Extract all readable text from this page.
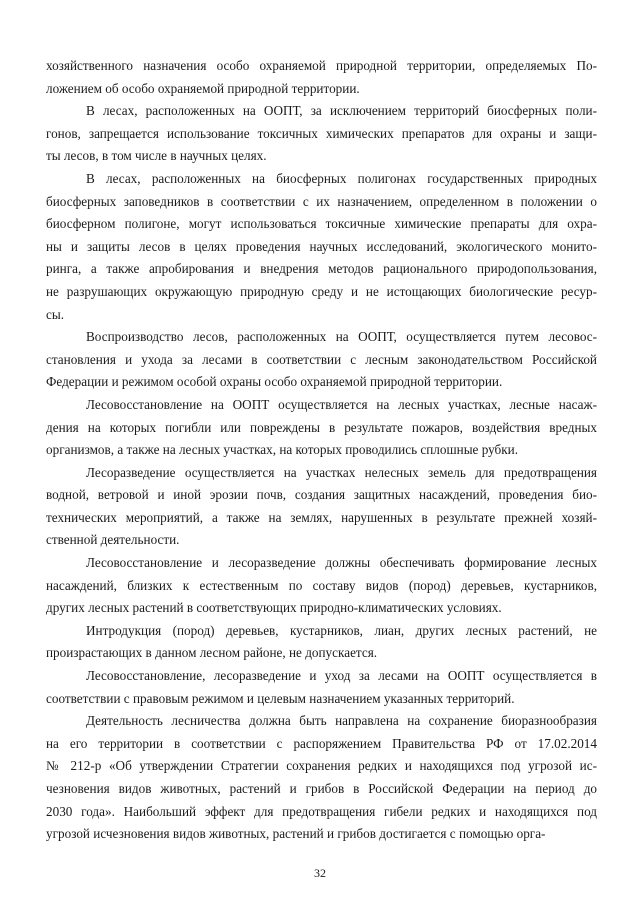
хозяйственного назначения особо охраняемой природной территории, определяемых По-
ложением об особо охраняемой природной территории.

В лесах, расположенных на ООПТ, за исключением территорий биосферных поли-
гонов, запрещается использование токсичных химических препаратов для охраны и защи-
ты лесов, в том числе в научных целях.

В лесах, расположенных на биосферных полигонах государственных природных
биосферных заповедников в соответствии с их назначением, определенном в положении о
биосферном полигоне, могут использоваться токсичные химические препараты для охра-
ны и защиты лесов в целях проведения научных исследований, экологического монито-
ринга, а также апробирования и внедрения методов рационального природопользования,
не разрушающих окружающую природную среду и не истощающих биологические ресур-
сы.

Воспроизводство лесов, расположенных на ООПТ, осуществляется путем лесовос-
становления и ухода за лесами в соответствии с лесным законодательством Российской
Федерации и режимом особой охраны особо охраняемой природной территории.

Лесовосстановление на ООПТ осуществляется на лесных участках, лесные насаж-
дения на которых погибли или повреждены в результате пожаров, воздействия вредных
организмов, а также на лесных участках, на которых проводились сплошные рубки.

Лесоразведение осуществляется на участках нелесных земель для предотвращения
водной, ветровой и иной эрозии почв, создания защитных насаждений, проведения био-
технических мероприятий, а также на землях, нарушенных в результате прежней хозяй-
ственной деятельности.

Лесовосстановление и лесоразведение должны обеспечивать формирование лесных
насаждений, близких к естественным по составу видов (пород) деревьев, кустарников,
других лесных растений в соответствующих природно-климатических условиях.

Интродукция (пород) деревьев, кустарников, лиан, других лесных растений, не
произрастающих в данном лесном районе, не допускается.

Лесовосстановление, лесоразведение и уход за лесами на ООПТ осуществляется в
соответствии с правовым режимом и целевым назначением указанных территорий.

Деятельность лесничества должна быть направлена на сохранение биоразнообразия
на его территории в соответствии с распоряжением Правительства РФ от 17.02.2014
№ 212-р «Об утверждении Стратегии сохранения редких и находящихся под угрозой ис-
чезновения видов животных, растений и грибов в Российской Федерации на период до
2030 года». Наибольший эффект для предотвращения гибели редких и находящихся под
угрозой исчезновения видов животных, растений и грибов достигается с помощью орга-

32
